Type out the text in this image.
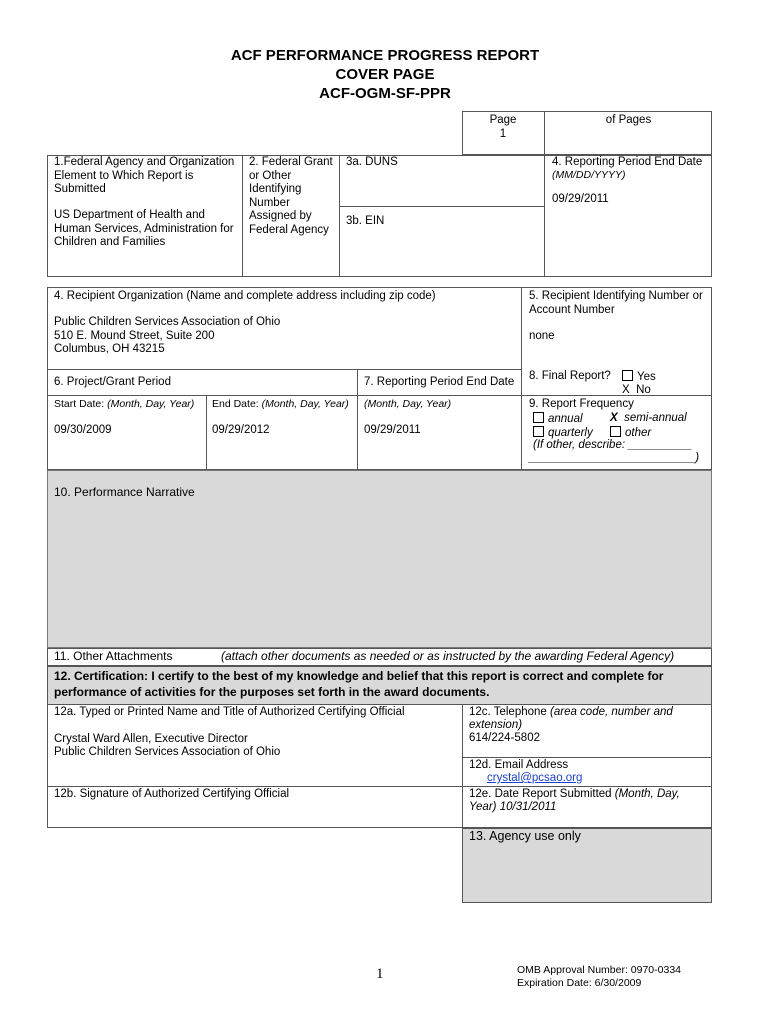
ACF PERFORMANCE PROGRESS REPORT
COVER PAGE
ACF-OGM-SF-PPR
Page
1
of Pages
1.Federal Agency and Organization
Element to Which Report is
Submitted
US Department of Health and
Human Services, Administration for
Children and Families
2. Federal Grant
or Other
Identifying
Number
Assigned by
Federal Agency
3a. DUNS
3b. EIN
4. Reporting Period End Date
(MM/DD/YYYY)
09/29/2011
4. Recipient Organization (Name and complete address including zip code)
Public Children Services Association of Ohio
510 E. Mound Street, Suite 200
Columbus, OH 43215
5. Recipient Identifying Number or
Account Number
none
6. Project/Grant Period
Start Date: (Month, Day, Year) End Date: (Month, Day, Year)
09/30/2009	09/29/2012
7. Reporting Period End Date
(Month, Day, Year)
09/29/2011
8. Final Report?	Yes
X No
9. Report Frequency
annual X semi-annual
quarterly	other
(If other, describe: __________
__________________________)
10. Performance Narrative
11. Other Attachments	(attach other documents as needed or as instructed by the awarding Federal Agency)
12. Certification: I certify to the best of my knowledge and belief that this report is correct and complete for
performance of activities for the purposes set forth in the award documents.
12a. Typed or Printed Name and Title of Authorized Certifying Official
Crystal Ward Allen, Executive Director
Public Children Services Association of Ohio
12c. Telephone (area code, number and
extension)
614/224-5802
12d. Email Address
crystal@pcsao.org
12b. Signature of Authorized Certifying Official	12e. Date Report Submitted (Month, Day,
Year) 10/31/2011
13. Agency use only
1	OMB Approval Number: 0970-0334
Expiration Date: 6/30/2009
